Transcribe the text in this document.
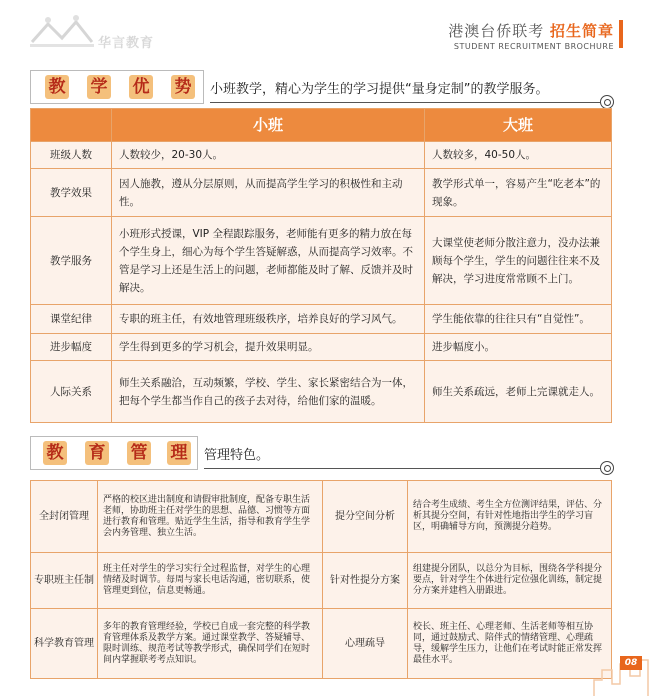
华言教育
港澳台侨联考 招生简章
STUDENT RECRUITMENT BROCHURE
教 学 优 势 小班教学，精心为学生的学习提供“量身定制”的教学服务。
	小班	大班
班级人数	人数较少，20-30人。	人数较多，40-50人。
教学效果	因人施教，遵从分层原则，从而提高学生学习的积极性和主动性。	教学形式单一，容易产生“吃老本”的现象。
教学服务	小班形式授课，VIP 全程跟踪服务，老师能有更多的精力放在每个学生身上，细心为每个学生答疑解惑，从而提高学习效率。不管是学习上还是生活上的问题，老师都能及时了解、反馈并及时解决。	大课堂使老师分散注意力，没办法兼顾每个学生，学生的问题往往来不及解决，学习进度常常顾不上门。
课堂纪律	专职的班主任，有效地管理班级秩序，培养良好的学习风气。	学生能依靠的往往只有“自觉性”。
进步幅度	学生得到更多的学习机会，提升效果明显。	进步幅度小。
人际关系	师生关系融洽，互动频繁，学校、学生、家长紧密结合为一体，把每个学生都当作自己的孩子去对待，给他们家的温暖。	师生关系疏远，老师上完课就走人。
教 育 管 理 管理特色。
全封闭管理	严格的校区进出制度和请假审批制度，配备专职生活老师，协助班主任对学生的思想、品德、习惯等方面进行教育和管理。贴近学生生活，指导和教育学生学会内务管理、独立生活。	提分空间分析	结合考生成绩、考生全方位测评结果，评估、分析其提分空间，有针对性地指出学生的学习盲区，明确辅导方向，预测提分趋势。
专职班主任制	班主任对学生的学习实行全过程监督，对学生的心理情绪及时调节。每周与家长电话沟通，密切联系，使管理更到位，信息更畅通。	针对性提分方案	组建提分团队，以总分为目标，围绕各学科提分要点，针对学生个体进行定位强化训练，制定提分方案并建档入册跟进。
科学教育管理	多年的教育管理经验，学校已自成一套完整的科学教育管理体系及教学方案。通过课堂教学、答疑辅导、限时训练、规范考试等教学形式，确保同学们在短时间内掌握联考考点知识。	心理疏导	校长、班主任、心理老师、生活老师等相互协同，通过鼓励式、陪伴式的情绪管理、心理疏导，缓解学生压力，让他们在考试时能正常发挥最佳水平。	08
